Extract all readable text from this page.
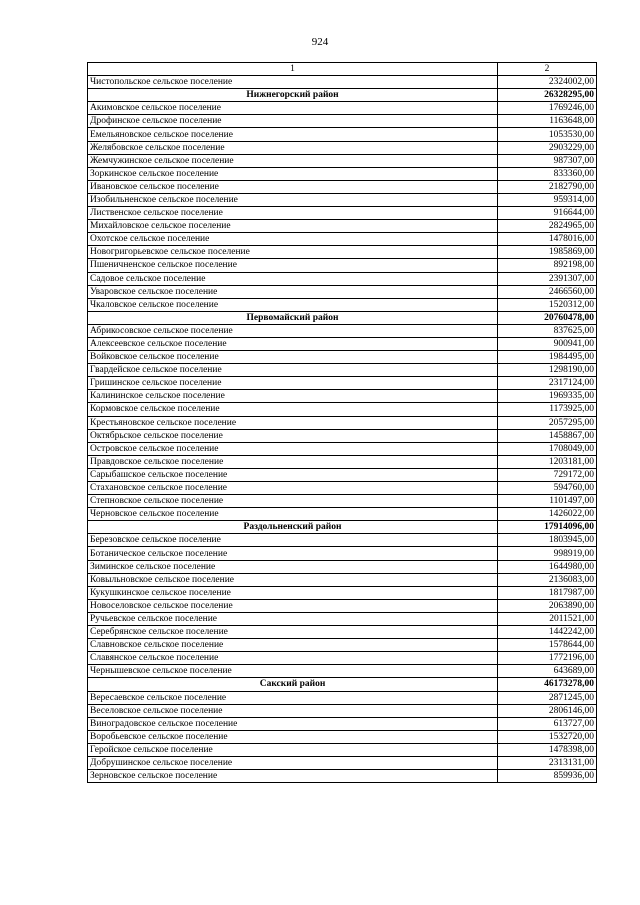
924
1	2
Чистопольское сельское поселение	2324002,00
Нижнегорский район	26328295,00
Акимовское сельское поселение	1769246,00
Дрофинское сельское поселение	1163648,00
Емельяновское сельское поселение	1053530,00
Желябовское сельское поселение	2903229,00
Жемчужинское сельское поселение	987307,00
Зоркинское сельское поселение	833360,00
Ивановское сельское поселение	2182790,00
Изобильненское сельское поселение	959314,00
Лиственское сельское поселение	916644,00
Михайловское сельское поселение	2824965,00
Охотское сельское поселение	1478016,00
Новогригорьевское сельское поселение	1985869,00
Пшеничненское сельское поселение	892198,00
Садовое сельское поселение	2391307,00
Уваровское сельское поселение	2466560,00
Чкаловское сельское поселение	1520312,00
Первомайский район	20760478,00
Абрикосовское сельское поселение	837625,00
Алексеевское сельское поселение	900941,00
Войковское сельское поселение	1984495,00
Гвардейское сельское поселение	1298190,00
Гришинское сельское поселение	2317124,00
Калининское сельское поселение	1969335,00
Кормовское сельское поселение	1173925,00
Крестьяновское сельское поселение	2057295,00
Октябрьское сельское поселение	1458867,00
Островское сельское поселение	1708049,00
Правдовское сельское поселение	1203181,00
Сарыбашское сельское поселение	729172,00
Стахановское сельское поселение	594760,00
Степновское сельское поселение	1101497,00
Черновское сельское поселение	1426022,00
Раздольненский район	17914096,00
Березовское сельское поселение	1803945,00
Ботаническое сельское поселение	998919,00
Зиминское сельское поселение	1644980,00
Ковыльновское сельское поселение	2136083,00
Кукушкинское сельское поселение	1817987,00
Новоселовское сельское поселение	2063890,00
Ручьевское сельское поселение	2011521,00
Серебрянское сельское поселение	1442242,00
Славновское сельское поселение	1578644,00
Славянское сельское поселение	1772196,00
Чернышевское сельское поселение	643689,00
Сакский район	46173278,00
Вересаевское сельское поселение	2871245,00
Веселовское сельское поселение	2806146,00
Виноградовское сельское поселение	613727,00
Воробьевское сельское поселение	1532720,00
Геройское сельское поселение	1478398,00
Добрушинское сельское поселение	2313131,00
Зерновское сельское поселение	859936,00
